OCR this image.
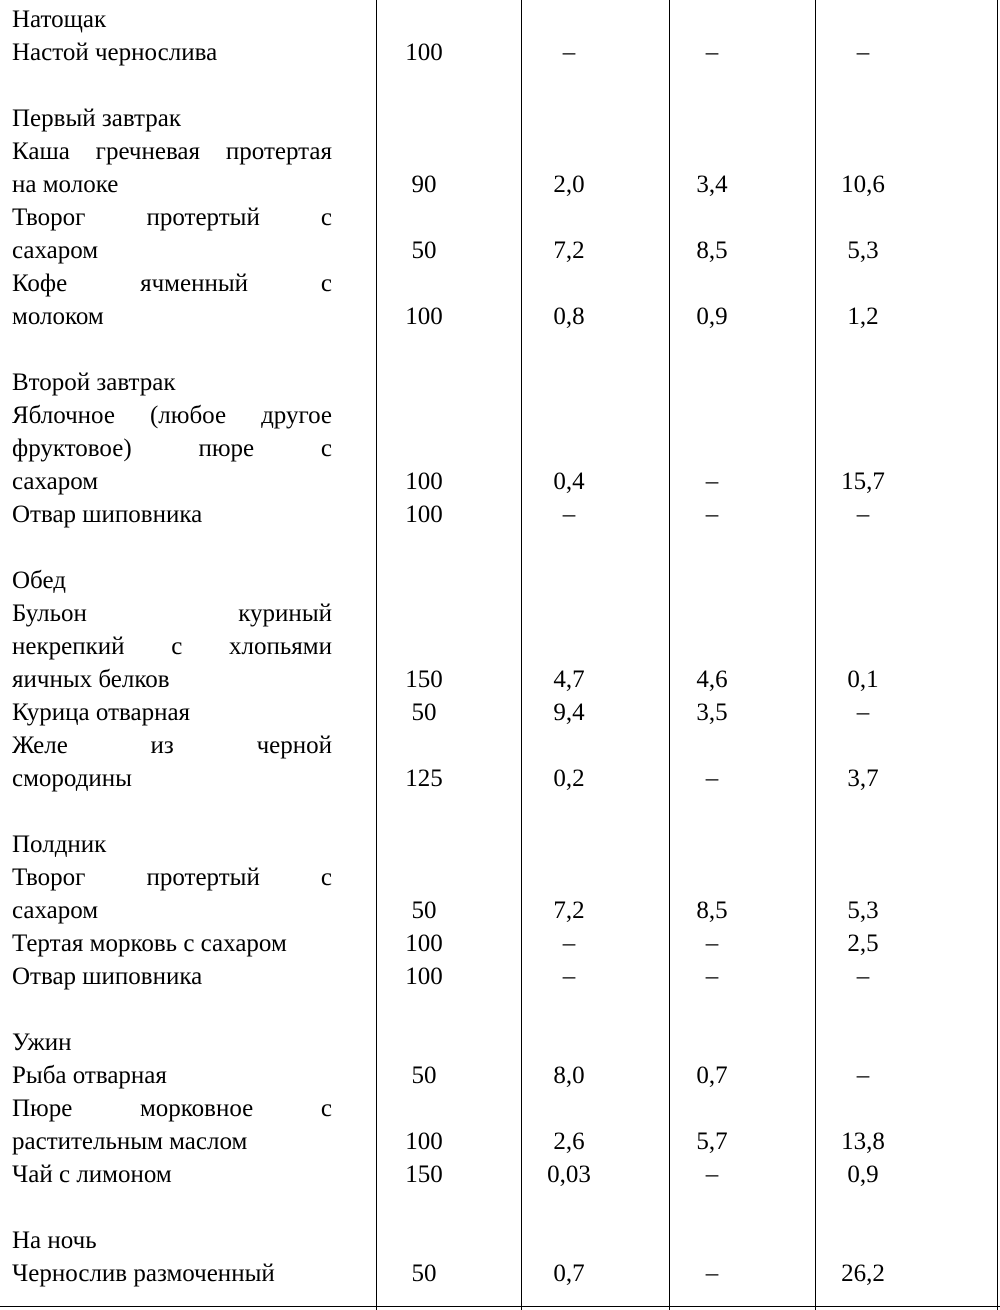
Натощак
Настой чернослива	100	–	–	–
Первый завтрак
Каша гречневая протертая
на молоке	90	2,0	3,4	10,6
Творог протертый с
сахаром	50	7,2	8,5	5,3
Кофе ячменный с
молоком	100	0,8	0,9	1,2
Второй завтрак
Яблочное (любое другое
фруктовое) пюре с
сахаром	100	0,4	–	15,7
Отвар шиповника	100	–	–	–
Обед
Бульон куриный
некрепкий с хлопьями
яичных белков	150	4,7	4,6	0,1
Курица отварная	50	9,4	3,5	–
Желе из черной
смородины	125	0,2	–	3,7
Полдник
Творог протертый с
сахаром	50	7,2	8,5	5,3
Тертая морковь с сахаром	100	–	–	2,5
Отвар шиповника	100	–	–	–
Ужин
Рыба отварная	50	8,0	0,7	–
Пюре морковное с
растительным маслом	100	2,6	5,7	13,8
Чай с лимоном	150	0,03	–	0,9
На ночь
Чернослив размоченный	50	0,7	–	26,2
